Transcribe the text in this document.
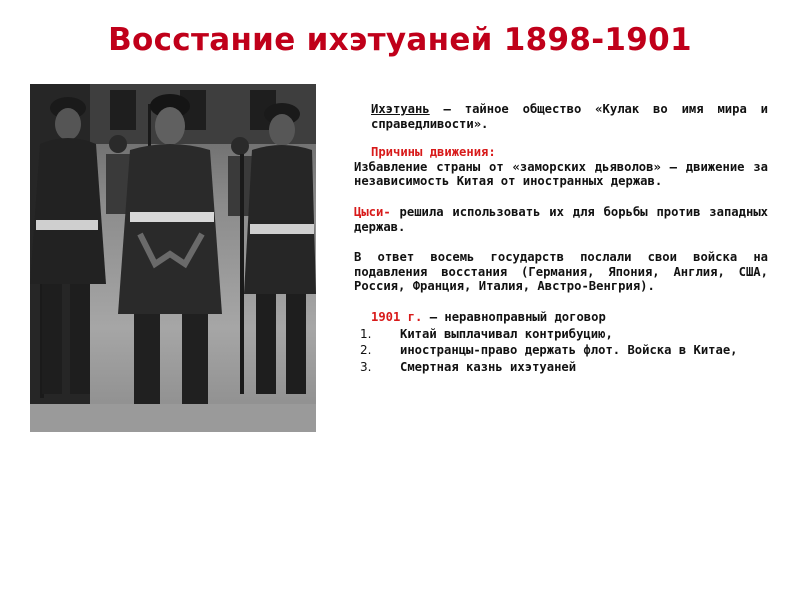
Восстание ихэтуаней 1898-1901

Ихэтуань – тайное общество «Кулак во имя мира и справедливости».

Причины движения:

Избавление страны от «заморских дьяволов» – движение за независимость Китая от иностранных держав.

Цыси- решила использовать их для борьбы против западных держав.

В ответ восемь государств послали свои войска на подавления восстания (Германия, Япония, Англия, США, Россия, Франция, Италия, Австро-Венгрия).

1901 г. – неравноправный договор

1. Китай выплачивал контрибуцию,
2. иностранцы-право держать флот. Войска в Китае,
3. Смертная казнь ихэтуаней
